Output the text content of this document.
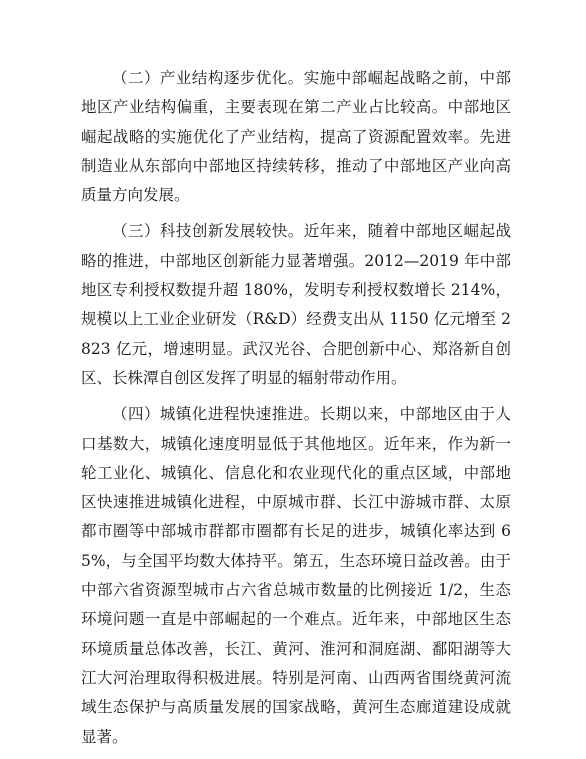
（二）产业结构逐步优化。实施中部崛起战略之前，中部地区产业结构偏重，主要表现在第二产业占比较高。中部地区崛起战略的实施优化了产业结构，提高了资源配置效率。先进制造业从东部向中部地区持续转移，推动了中部地区产业向高质量方向发展。

（三）科技创新发展较快。近年来，随着中部地区崛起战略的推进，中部地区创新能力显著增强。2012—2019 年中部地区专利授权数提升超 180%，发明专利授权数增长 214%，规模以上工业企业研发（R&D）经费支出从 1150 亿元增至 2823 亿元，增速明显。武汉光谷、合肥创新中心、郑洛新自创区、长株潭自创区发挥了明显的辐射带动作用。

（四）城镇化进程快速推进。长期以来，中部地区由于人口基数大，城镇化速度明显低于其他地区。近年来，作为新一轮工业化、城镇化、信息化和农业现代化的重点区域，中部地区快速推进城镇化进程，中原城市群、长江中游城市群、太原都市圈等中部城市群都市圈都有长足的进步，城镇化率达到 65%，与全国平均数大体持平。第五，生态环境日益改善。由于中部六省资源型城市占六省总城市数量的比例接近 1/2，生态环境问题一直是中部崛起的一个难点。近年来，中部地区生态环境质量总体改善，长江、黄河、淮河和洞庭湖、鄱阳湖等大江大河治理取得积极进展。特别是河南、山西两省围绕黄河流域生态保护与高质量发展的国家战略，黄河生态廊道建设成就显著。
